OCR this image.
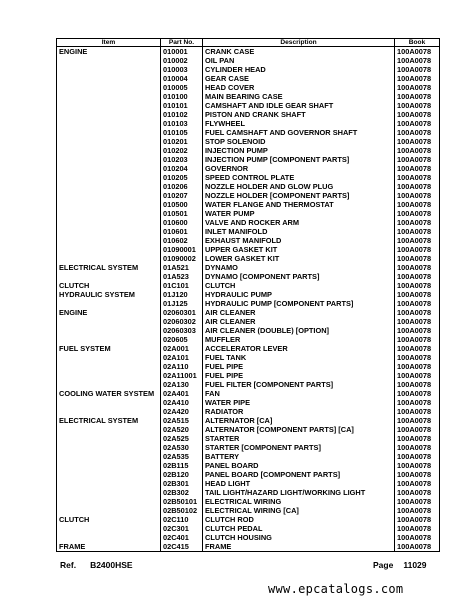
Item	Part No.	Description	Book
ENGINE	010001	CRANK CASE	100A0078
	010002	OIL PAN	100A0078
	010003	CYLINDER HEAD	100A0078
	010004	GEAR CASE	100A0078
	010005	HEAD COVER	100A0078
	010100	MAIN BEARING CASE	100A0078
	010101	CAMSHAFT AND IDLE GEAR SHAFT	100A0078
	010102	PISTON AND CRANK SHAFT	100A0078
	010103	FLYWHEEL	100A0078
	010105	FUEL CAMSHAFT AND GOVERNOR SHAFT	100A0078
	010201	STOP SOLENOID	100A0078
	010202	INJECTION PUMP	100A0078
	010203	INJECTION PUMP [COMPONENT PARTS]	100A0078
	010204	GOVERNOR	100A0078
	010205	SPEED CONTROL PLATE	100A0078
	010206	NOZZLE HOLDER AND GLOW PLUG	100A0078
	010207	NOZZLE HOLDER [COMPONENT PARTS]	100A0078
	010500	WATER FLANGE AND THERMOSTAT	100A0078
	010501	WATER PUMP	100A0078
	010600	VALVE AND ROCKER ARM	100A0078
	010601	INLET MANIFOLD	100A0078
	010602	EXHAUST MANIFOLD	100A0078
	01090001	UPPER GASKET KIT	100A0078
	01090002	LOWER GASKET KIT	100A0078
ELECTRICAL SYSTEM	01A521	DYNAMO	100A0078
	01A523	DYNAMO [COMPONENT PARTS]	100A0078
CLUTCH	01C101	CLUTCH	100A0078
HYDRAULIC SYSTEM	01J120	HYDRAULIC PUMP	100A0078
	01J125	HYDRAULIC PUMP [COMPONENT PARTS]	100A0078
ENGINE	02060301	AIR CLEANER	100A0078
	02060302	AIR CLEANER	100A0078
	02060303	AIR CLEANER (DOUBLE) [OPTION]	100A0078
	020605	MUFFLER	100A0078
FUEL SYSTEM	02A001	ACCELERATOR LEVER	100A0078
	02A101	FUEL TANK	100A0078
	02A110	FUEL PIPE	100A0078
	02A11001	FUEL PIPE	100A0078
	02A130	FUEL FILTER [COMPONENT PARTS]	100A0078
COOLING WATER SYSTEM	02A401	FAN	100A0078
	02A410	WATER PIPE	100A0078
	02A420	RADIATOR	100A0078
ELECTRICAL SYSTEM	02A515	ALTERNATOR [CA]	100A0078
	02A520	ALTERNATOR [COMPONENT PARTS] [CA]	100A0078
	02A525	STARTER	100A0078
	02A530	STARTER [COMPONENT PARTS]	100A0078
	02A535	BATTERY	100A0078
	02B115	PANEL BOARD	100A0078
	02B120	PANEL BOARD [COMPONENT PARTS]	100A0078
	02B301	HEAD LIGHT	100A0078
	02B302	TAIL LIGHT/HAZARD LIGHT/WORKING LIGHT	100A0078
	02B50101	ELECTRICAL WIRING	100A0078
	02B50102	ELECTRICAL WIRING [CA]	100A0078
CLUTCH	02C110	CLUTCH ROD	100A0078
	02C301	CLUTCH PEDAL	100A0078
	02C401	CLUTCH HOUSING	100A0078
FRAME	02C415	FRAME	100A0078
Ref. B2400HSE	Page 11029
www.epcatalogs.com
